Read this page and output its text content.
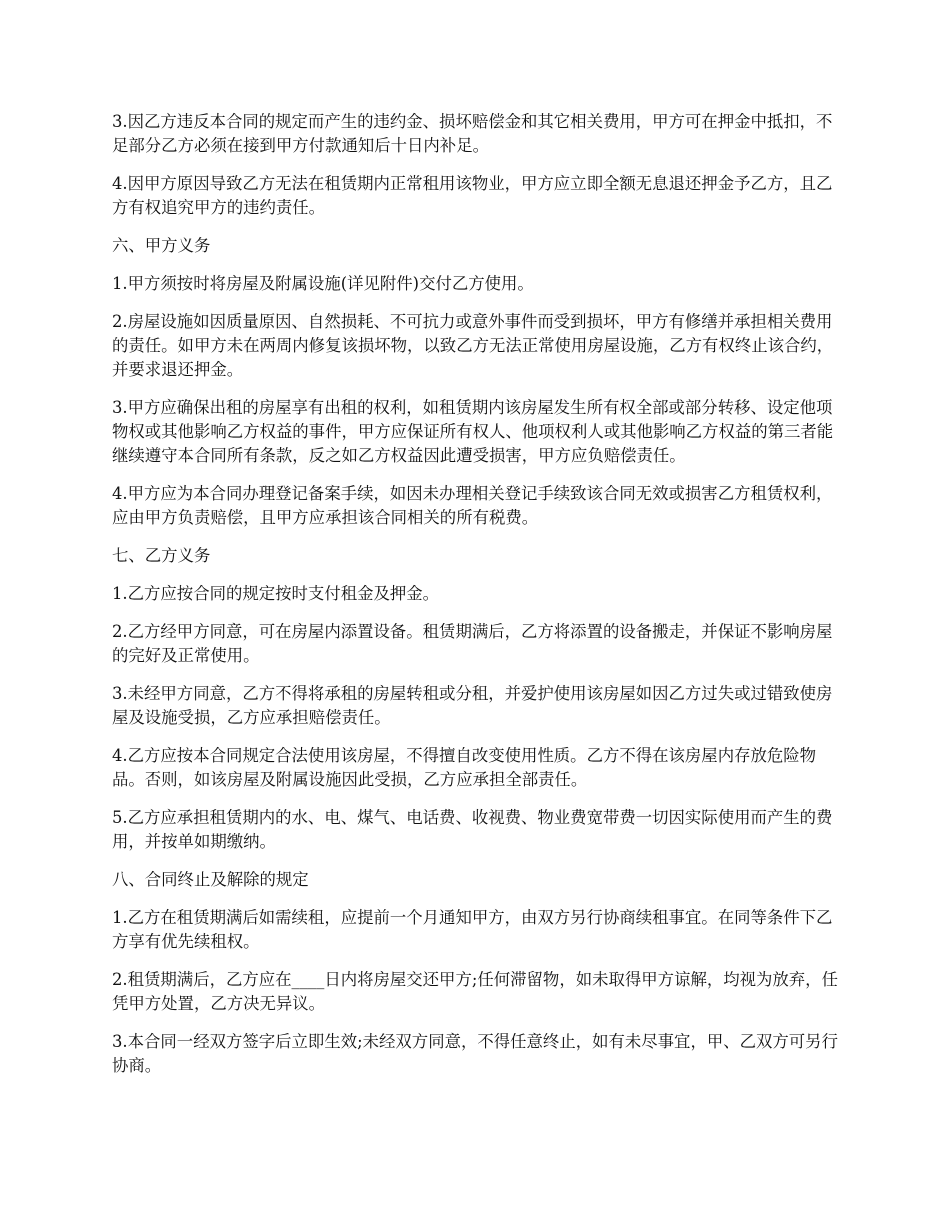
3.因乙方违反本合同的规定而产生的违约金、损坏赔偿金和其它相关费用，甲方可在押金中抵扣，不足部分乙方必须在接到甲方付款通知后十日内补足。

4.因甲方原因导致乙方无法在租赁期内正常租用该物业，甲方应立即全额无息退还押金予乙方，且乙方有权追究甲方的违约责任。

六、甲方义务

1.甲方须按时将房屋及附属设施(详见附件)交付乙方使用。

2.房屋设施如因质量原因、自然损耗、不可抗力或意外事件而受到损坏，甲方有修缮并承担相关费用的责任。如甲方未在两周内修复该损坏物，以致乙方无法正常使用房屋设施，乙方有权终止该合约，并要求退还押金。

3.甲方应确保出租的房屋享有出租的权利，如租赁期内该房屋发生所有权全部或部分转移、设定他项物权或其他影响乙方权益的事件，甲方应保证所有权人、他项权利人或其他影响乙方权益的第三者能继续遵守本合同所有条款，反之如乙方权益因此遭受损害，甲方应负赔偿责任。

4.甲方应为本合同办理登记备案手续，如因未办理相关登记手续致该合同无效或损害乙方租赁权利，应由甲方负责赔偿，且甲方应承担该合同相关的所有税费。

七、乙方义务

1.乙方应按合同的规定按时支付租金及押金。

2.乙方经甲方同意，可在房屋内添置设备。租赁期满后，乙方将添置的设备搬走，并保证不影响房屋的完好及正常使用。

3.未经甲方同意，乙方不得将承租的房屋转租或分租，并爱护使用该房屋如因乙方过失或过错致使房屋及设施受损，乙方应承担赔偿责任。

4.乙方应按本合同规定合法使用该房屋，不得擅自改变使用性质。乙方不得在该房屋内存放危险物品。否则，如该房屋及附属设施因此受损，乙方应承担全部责任。

5.乙方应承担租赁期内的水、电、煤气、电话费、收视费、物业费宽带费一切因实际使用而产生的费用，并按单如期缴纳。

八、合同终止及解除的规定

1.乙方在租赁期满后如需续租，应提前一个月通知甲方，由双方另行协商续租事宜。在同等条件下乙方享有优先续租权。

2.租赁期满后，乙方应在____日内将房屋交还甲方;任何滞留物，如未取得甲方谅解，均视为放弃，任凭甲方处置，乙方决无异议。

3.本合同一经双方签字后立即生效;未经双方同意，不得任意终止，如有未尽事宜，甲、乙双方可另行协商。
